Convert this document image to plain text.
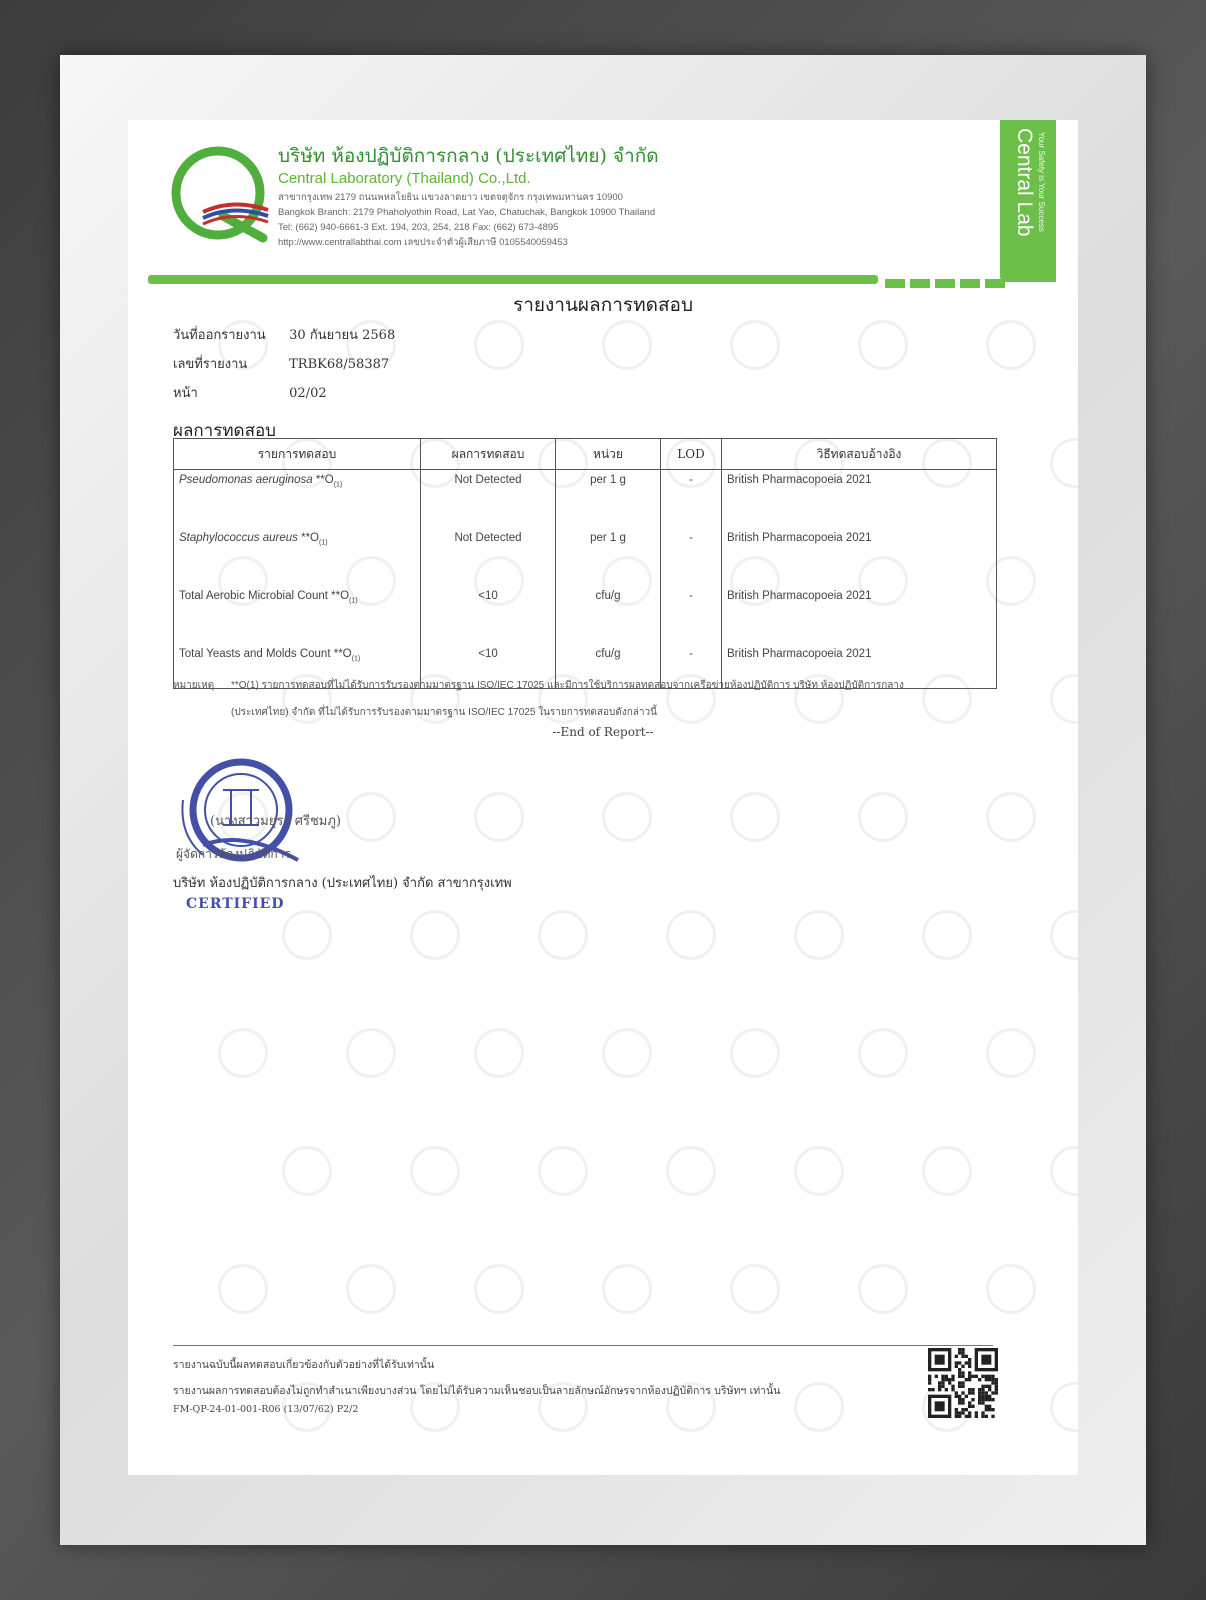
บริษัท ห้องปฏิบัติการกลาง (ประเทศไทย) จำกัด
Central Laboratory (Thailand) Co.,Ltd.
สาขากรุงเทพ 2179 ถนนพหลโยธิน แขวงลาดยาว เขตจตุจักร กรุงเทพมหานคร 10900
Bangkok Branch: 2179 Phaholyothin Road, Lat Yao, Chatuchak, Bangkok 10900 Thailand
Tel: (662) 940-6661-3 Ext. 194, 203, 254, 218 Fax: (662) 673-4895
http://www.centrallabthai.com เลขประจำตัวผู้เสียภาษี 0105540059453
Central Lab Your Safety is Your Success
รายงานผลการทดสอบ
วันที่ออกรายงาน 30 กันยายน 2568
เลขที่รายงาน	TRBK68/58387
หน้า	02/02
ผลการทดสอบ
รายการทดสอบ	ผลการทดสอบ	หน่วย	LOD	วิธีทดสอบอ้างอิง
Pseudomonas aeruginosa $**O_{(1)}$	Not Detected	per 1 g	-	British Pharmacopoeia 2021
Staphylococcus aureus $**O_{(1)}$	Not Detected	per 1 g	-	British Pharmacopoeia 2021
Total Aerobic Microbial Count $**O_{(1)}$	<10	cfu/g	-	British Pharmacopoeia 2021
Total Yeasts and Molds Count $**O_{(1)}$	<10	cfu/g	-	British Pharmacopoeia 2021
หมายเหตุ	**O(1) รายการทดสอบที่ไม่ได้รับการรับรองตามมาตรฐาน ISO/IEC 17025 และมีการใช้บริการผลทดสอบจากเครือข่ายห้องปฏิบัติการ บริษัท ห้องปฏิบัติการกลาง
(ประเทศไทย) จำกัด ที่ไม่ได้รับการรับรองตามมาตรฐาน ISO/IEC 17025 ในรายการทดสอบดังกล่าวนี้
--End of Report--
(นางสาวมยุรา ศรีชมภู)
ผู้จัดการห้องปฏิบัติการ
บริษัท ห้องปฏิบัติการกลาง (ประเทศไทย) จำกัด สาขากรุงเทพ
CERTIFIED
รายงานฉบับนี้ผลทดสอบเกี่ยวข้องกับตัวอย่างที่ได้รับเท่านั้น
รายงานผลการทดสอบต้องไม่ถูกทำสำเนาเพียงบางส่วน โดยไม่ได้รับความเห็นชอบเป็นลายลักษณ์อักษรจากห้องปฏิบัติการ บริษัทฯ เท่านั้น
FM-QP-24-01-001-R06 (13/07/62) P2/2
